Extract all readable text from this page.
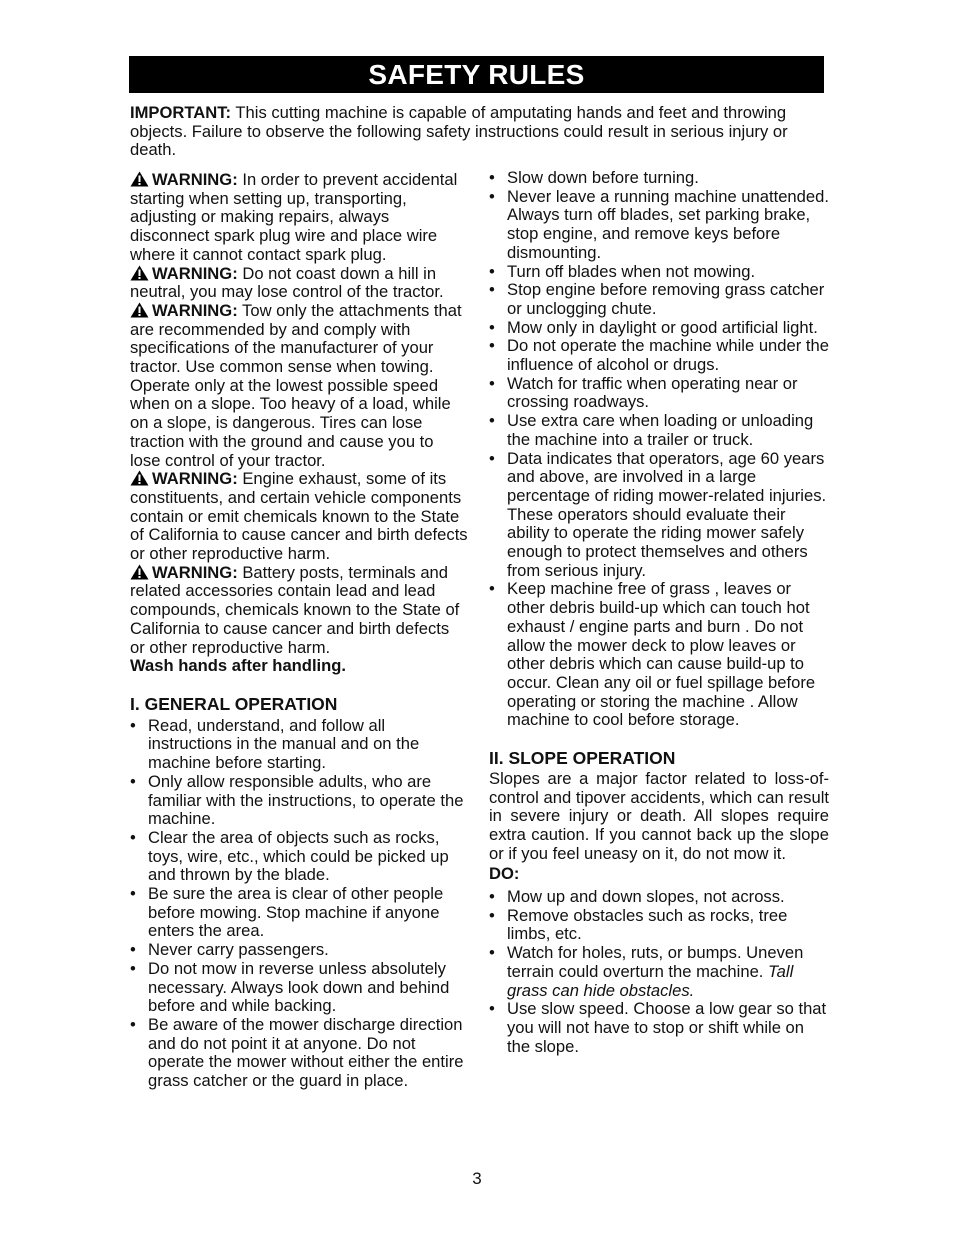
SAFETY RULES

IMPORTANT: This cutting machine is capable of amputating hands and feet and throwing objects. Failure to observe the following safety instructions could result in serious injury or death.

WARNING: In order to prevent accidental starting when setting up, transporting, adjusting or making repairs, always disconnect spark plug wire and place wire where it cannot contact spark plug.

WARNING: Do not coast down a hill in neutral, you may lose control of the tractor.

WARNING: Tow only the attachments that are recommended by and comply with specifications of the manufacturer of your tractor. Use common sense when towing. Operate only at the lowest possible speed when on a slope. Too heavy of a load, while on a slope, is dangerous. Tires can lose traction with the ground and cause you to lose control of your tractor.

WARNING: Engine exhaust, some of its constituents, and certain vehicle components contain or emit chemicals known to the State of California to cause cancer and birth defects or other reproductive harm.

WARNING: Battery posts, terminals and related accessories contain lead and lead compounds, chemicals known to the State of California to cause cancer and birth defects or other reproductive harm.

Wash hands after handling.

I. GENERAL OPERATION
• Read, understand, and follow all instructions in the manual and on the machine before starting.
• Only allow responsible adults, who are familiar with the instructions, to operate the machine.
• Clear the area of objects such as rocks, toys, wire, etc., which could be picked up and thrown by the blade.
• Be sure the area is clear of other people before mowing. Stop machine if anyone enters the area.
• Never carry passengers.
• Do not mow in reverse unless absolutely necessary. Always look down and behind before and while backing.
• Be aware of the mower discharge direction and do not point it at anyone. Do not operate the mower without either the entire grass catcher or the guard in place.
• Slow down before turning.
• Never leave a running machine unattended. Always turn off blades, set parking brake, stop engine, and remove keys before dismounting.
• Turn off blades when not mowing.
• Stop engine before removing grass catcher or unclogging chute.
• Mow only in daylight or good artificial light.
• Do not operate the machine while under the influence of alcohol or drugs.
• Watch for traffic when operating near or crossing roadways.
• Use extra care when loading or unloading the machine into a trailer or truck.
• Data indicates that operators, age 60 years and above, are involved in a large percentage of riding mower-related injuries. These operators should evaluate their ability to operate the riding mower safely enough to protect themselves and others from serious injury.
• Keep machine free of grass , leaves or other debris build-up which can touch hot exhaust / engine parts and burn . Do not allow the mower deck to plow leaves or other debris which can cause build-up to occur. Clean any oil or fuel spillage before operating or storing the machine . Allow machine to cool before storage.
II. SLOPE OPERATION

Slopes are a major factor related to loss-of-control and tipover accidents, which can result in severe injury or death. All slopes require extra caution. If you cannot back up the slope or if you feel uneasy on it, do not mow it.

DO:

• Mow up and down slopes, not across.
• Remove obstacles such as rocks, tree limbs, etc.
• Watch for holes, ruts, or bumps. Uneven terrain could overturn the machine. Tall grass can hide obstacles.
• Use slow speed. Choose a low gear so that you will not have to stop or shift while on the slope.
3
